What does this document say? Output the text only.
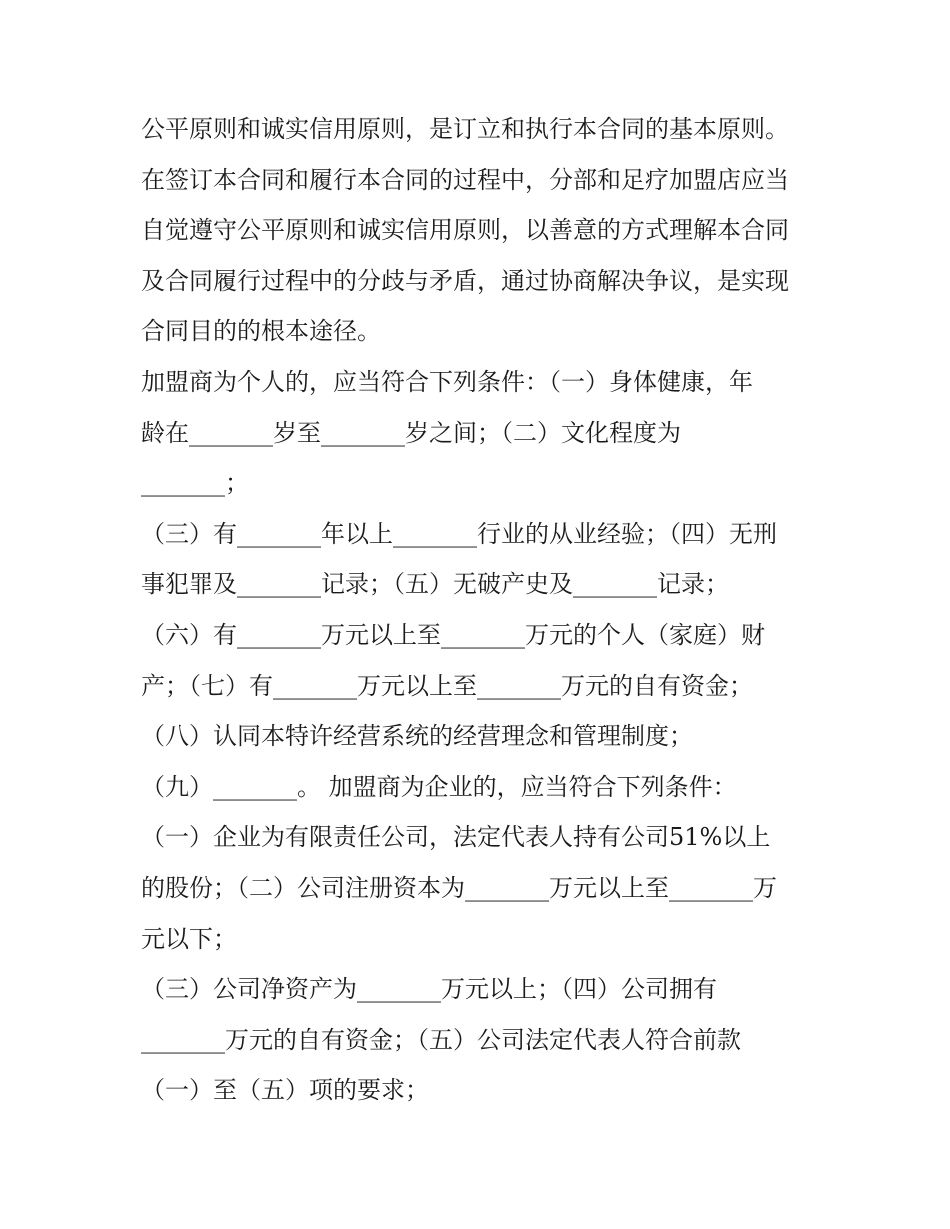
公平原则和诚实信用原则，是订立和执行本合同的基本原则。
在签订本合同和履行本合同的过程中，分部和足疗加盟店应当
自觉遵守公平原则和诚实信用原则，以善意的方式理解本合同
及合同履行过程中的分歧与矛盾，通过协商解决争议，是实现
合同目的的根本途径。
加盟商为个人的，应当符合下列条件：（一）身体健康，年
龄在_______岁至_______岁之间；（二）文化程度为
_______；
（三）有_______年以上_______行业的从业经验；（四）无刑
事犯罪及_______记录；（五）无破产史及_______记录；
（六）有_______万元以上至_______万元的个人（家庭）财
产；（七）有_______万元以上至_______万元的自有资金；
（八）认同本特许经营系统的经营理念和管理制度；
（九）_______。 加盟商为企业的，应当符合下列条件：
（一）企业为有限责任公司，法定代表人持有公司51%以上
的股份；（二）公司注册资本为_______万元以上至_______万
元以下；
（三）公司净资产为_______万元以上；（四）公司拥有
_______万元的自有资金；（五）公司法定代表人符合前款
（一）至（五）项的要求；
